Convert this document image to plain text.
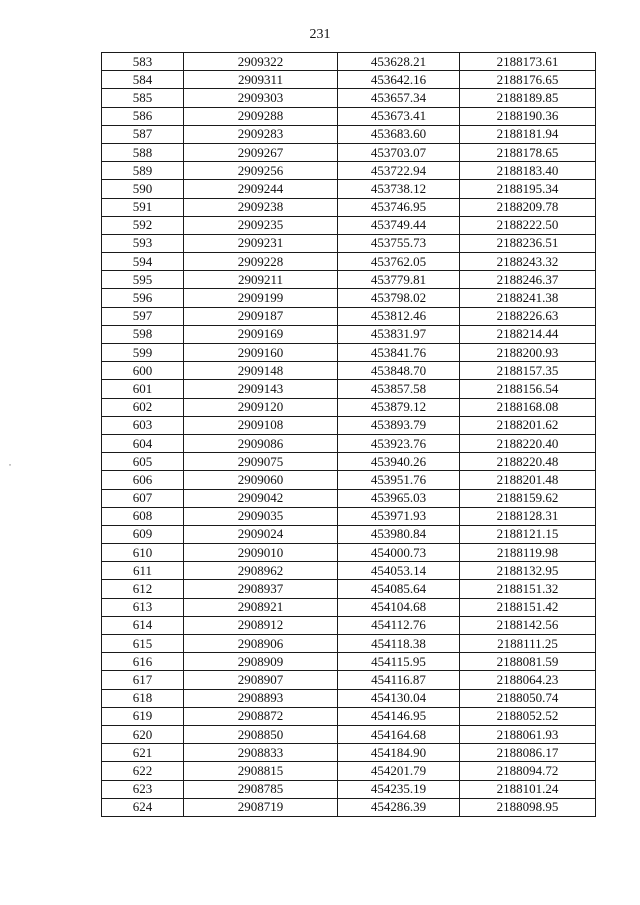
231
˙
583	2909322	453628.21	2188173.61
584	2909311	453642.16	2188176.65
585	2909303	453657.34	2188189.85
586	2909288	453673.41	2188190.36
587	2909283	453683.60	2188181.94
588	2909267	453703.07	2188178.65
589	2909256	453722.94	2188183.40
590	2909244	453738.12	2188195.34
591	2909238	453746.95	2188209.78
592	2909235	453749.44	2188222.50
593	2909231	453755.73	2188236.51
594	2909228	453762.05	2188243.32
595	2909211	453779.81	2188246.37
596	2909199	453798.02	2188241.38
597	2909187	453812.46	2188226.63
598	2909169	453831.97	2188214.44
599	2909160	453841.76	2188200.93
600	2909148	453848.70	2188157.35
601	2909143	453857.58	2188156.54
602	2909120	453879.12	2188168.08
603	2909108	453893.79	2188201.62
604	2909086	453923.76	2188220.40
605	2909075	453940.26	2188220.48
606	2909060	453951.76	2188201.48
607	2909042	453965.03	2188159.62
608	2909035	453971.93	2188128.31
609	2909024	453980.84	2188121.15
610	2909010	454000.73	2188119.98
611	2908962	454053.14	2188132.95
612	2908937	454085.64	2188151.32
613	2908921	454104.68	2188151.42
614	2908912	454112.76	2188142.56
615	2908906	454118.38	2188111.25
616	2908909	454115.95	2188081.59
617	2908907	454116.87	2188064.23
618	2908893	454130.04	2188050.74
619	2908872	454146.95	2188052.52
620	2908850	454164.68	2188061.93
621	2908833	454184.90	2188086.17
622	2908815	454201.79	2188094.72
623	2908785	454235.19	2188101.24
624	2908719	454286.39	2188098.95
